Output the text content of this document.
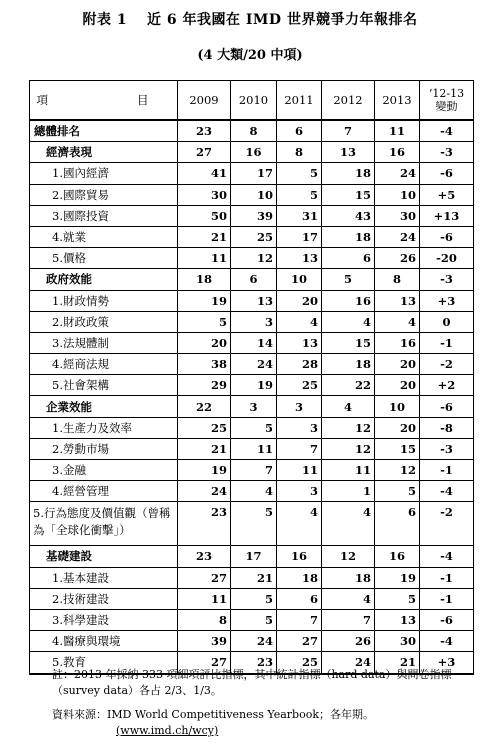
附表 1　 近 6 年我國在 IMD 世界競爭力年報排名
(4 大類/20 中項)
項　　目	2009	2010	2011	2012	2013	‘12-13 變動
總體排名	23	8	6	7	11	-4
經濟表現	27	16	8	13	16	-3
1.國內經濟	41	17	5	18	24	-6
2.國際貿易	30	10	5	15	10	+5
3.國際投資	50	39	31	43	30	+13
4.就業	21	25	17	18	24	-6
5.價格	11	12	13	6	26	-20
政府效能	18	6	10	5	8	-3
1.財政情勢	19	13	20	16	13	+3
2.財政政策	5	3	4	4	4	0
3.法規體制	20	14	13	15	16	-1
4.經商法規	38	24	28	18	20	-2
5.社會架構	29	19	25	22	20	+2
企業效能	22	3	3	4	10	-6
1.生產力及效率	25	5	3	12	20	-8
2.勞動市場	21	11	7	12	15	-3
3.金融	19	7	11	11	12	-1
4.經營管理	24	4	3	1	5	-4
5.行為態度及價值觀（曾稱為「全球化衝擊」）	23	5	4	4	6	-2
基礎建設	23	17	16	12	16	-4
1.基本建設	27	21	18	18	19	-1
2.技術建設	11	5	6	4	5	-1
3.科學建設	8	5	7	7	13	-6
4.醫療與環境	39	24	27	26	30	-4
5.教育	27	23	25	24	21	+3
註：2013 年採納 333 項細項評比指標，其中統計指標（hard data）與問卷指標（survey data）各占 2/3、1/3。
資料來源：IMD World Competitiveness Yearbook；各年期。
(www.imd.ch/wcy)
